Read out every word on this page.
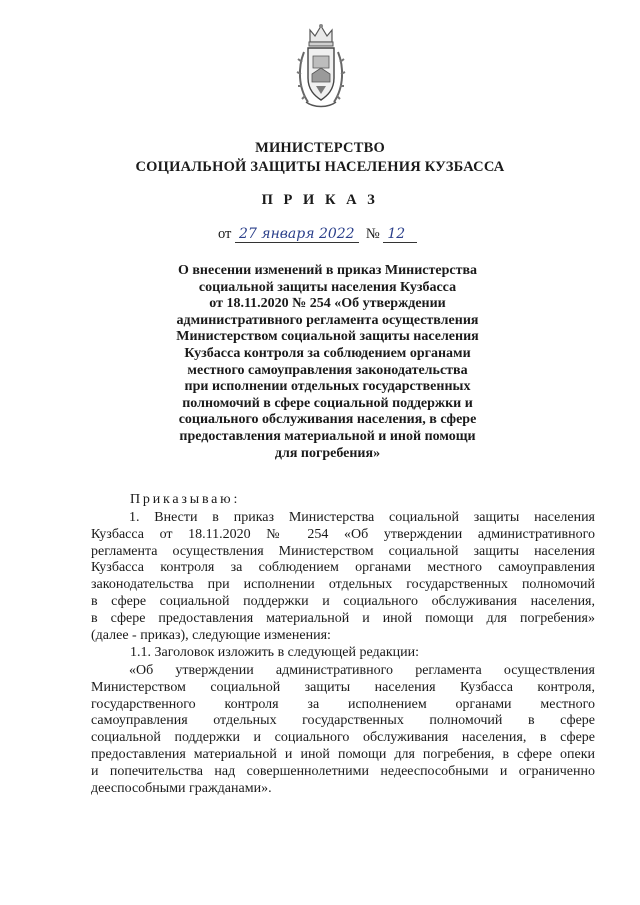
МИНИСТЕРСТВО
СОЦИАЛЬНОЙ ЗАЩИТЫ НАСЕЛЕНИЯ КУЗБАССА
П Р И К А З
от 27 января 2022 № 12
О внесении изменений в приказ Министерства
социальной защиты населения Кузбасса
от 18.11.2020 № 254 «Об утверждении
административного регламента осуществления
Министерством социальной защиты населения
Кузбасса контроля за соблюдением органами
местного самоуправления законодательства
при исполнении отдельных государственных
полномочий в сфере социальной поддержки и
социального обслуживания населения, в сфере
предоставления материальной и иной помощи
для погребения»
Приказываю:
1. Внести в приказ Министерства социальной защиты населения
Кузбасса от 18.11.2020 № 254 «Об утверждении административного
регламента осуществления Министерством социальной защиты населения
Кузбасса контроля за соблюдением органами местного самоуправления
законодательства при исполнении отдельных государственных полномочий
в сфере социальной поддержки и социального обслуживания населения,
в сфере предоставления материальной и иной помощи для погребения»
(далее - приказ), следующие изменения:
1.1. Заголовок изложить в следующей редакции:
«Об утверждении административного регламента осуществления
Министерством социальной защиты населения Кузбасса контроля,
государственного контроля за исполнением органами местного
самоуправления отдельных государственных полномочий в сфере
социальной поддержки и социального обслуживания населения, в сфере
предоставления материальной и иной помощи для погребения, в сфере опеки
и попечительства над совершеннолетними недееспособными и ограниченно
дееспособными гражданами».
